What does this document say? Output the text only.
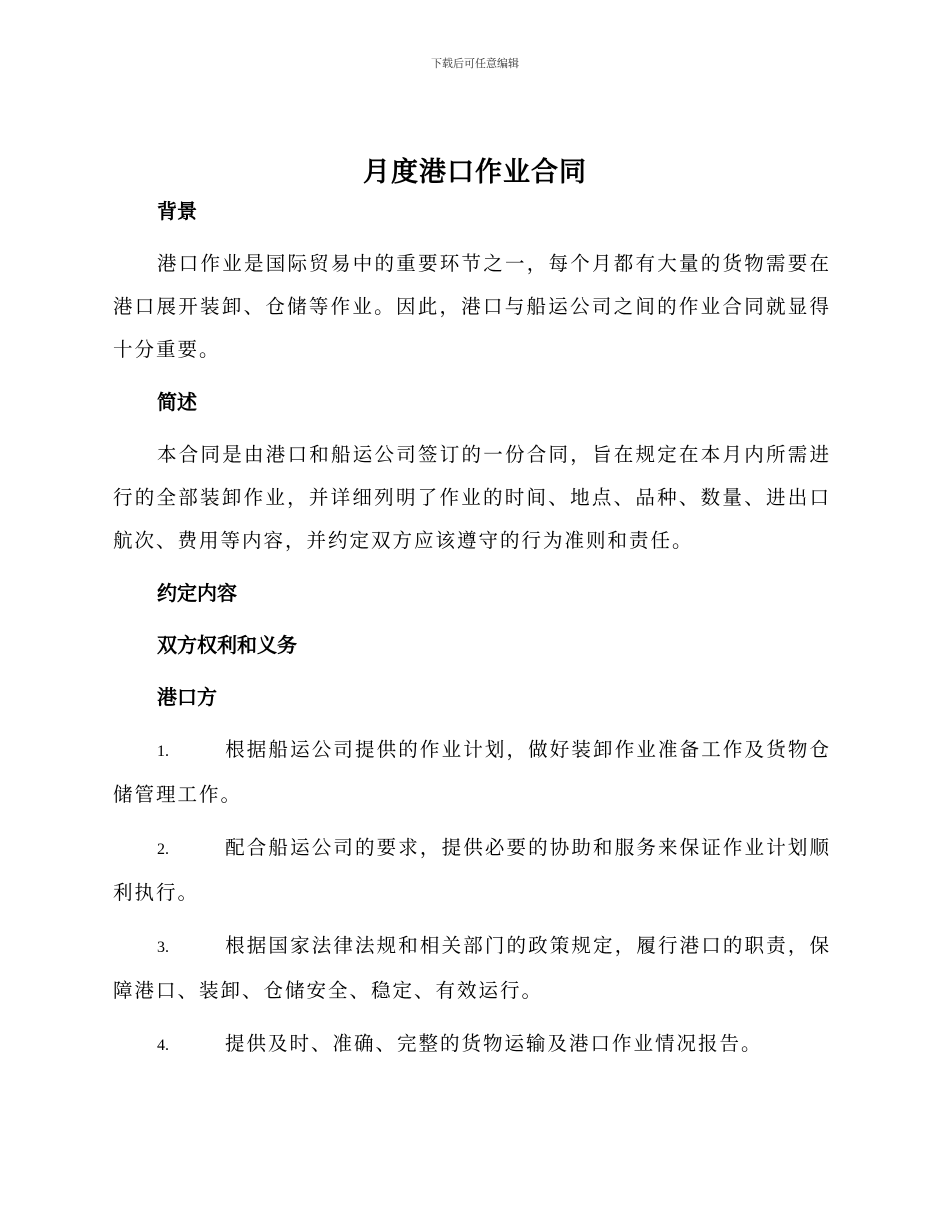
下载后可任意编辑
月度港口作业合同

背景

港口作业是国际贸易中的重要环节之一，每个月都有大量的货物需要在港口展开装卸、仓储等作业。因此，港口与船运公司之间的作业合同就显得十分重要。

简述

本合同是由港口和船运公司签订的一份合同，旨在规定在本月内所需进行的全部装卸作业，并详细列明了作业的时间、地点、品种、数量、进出口航次、费用等内容，并约定双方应该遵守的行为准则和责任。

约定内容

双方权利和义务

港口方

1.	根据船运公司提供的作业计划，做好装卸作业准备工作及货物仓储管理工作。

2.	配合船运公司的要求，提供必要的协助和服务来保证作业计划顺利执行。

3.	根据国家法律法规和相关部门的政策规定，履行港口的职责，保障港口、装卸、仓储安全、稳定、有效运行。

4.	提供及时、准确、完整的货物运输及港口作业情况报告。
